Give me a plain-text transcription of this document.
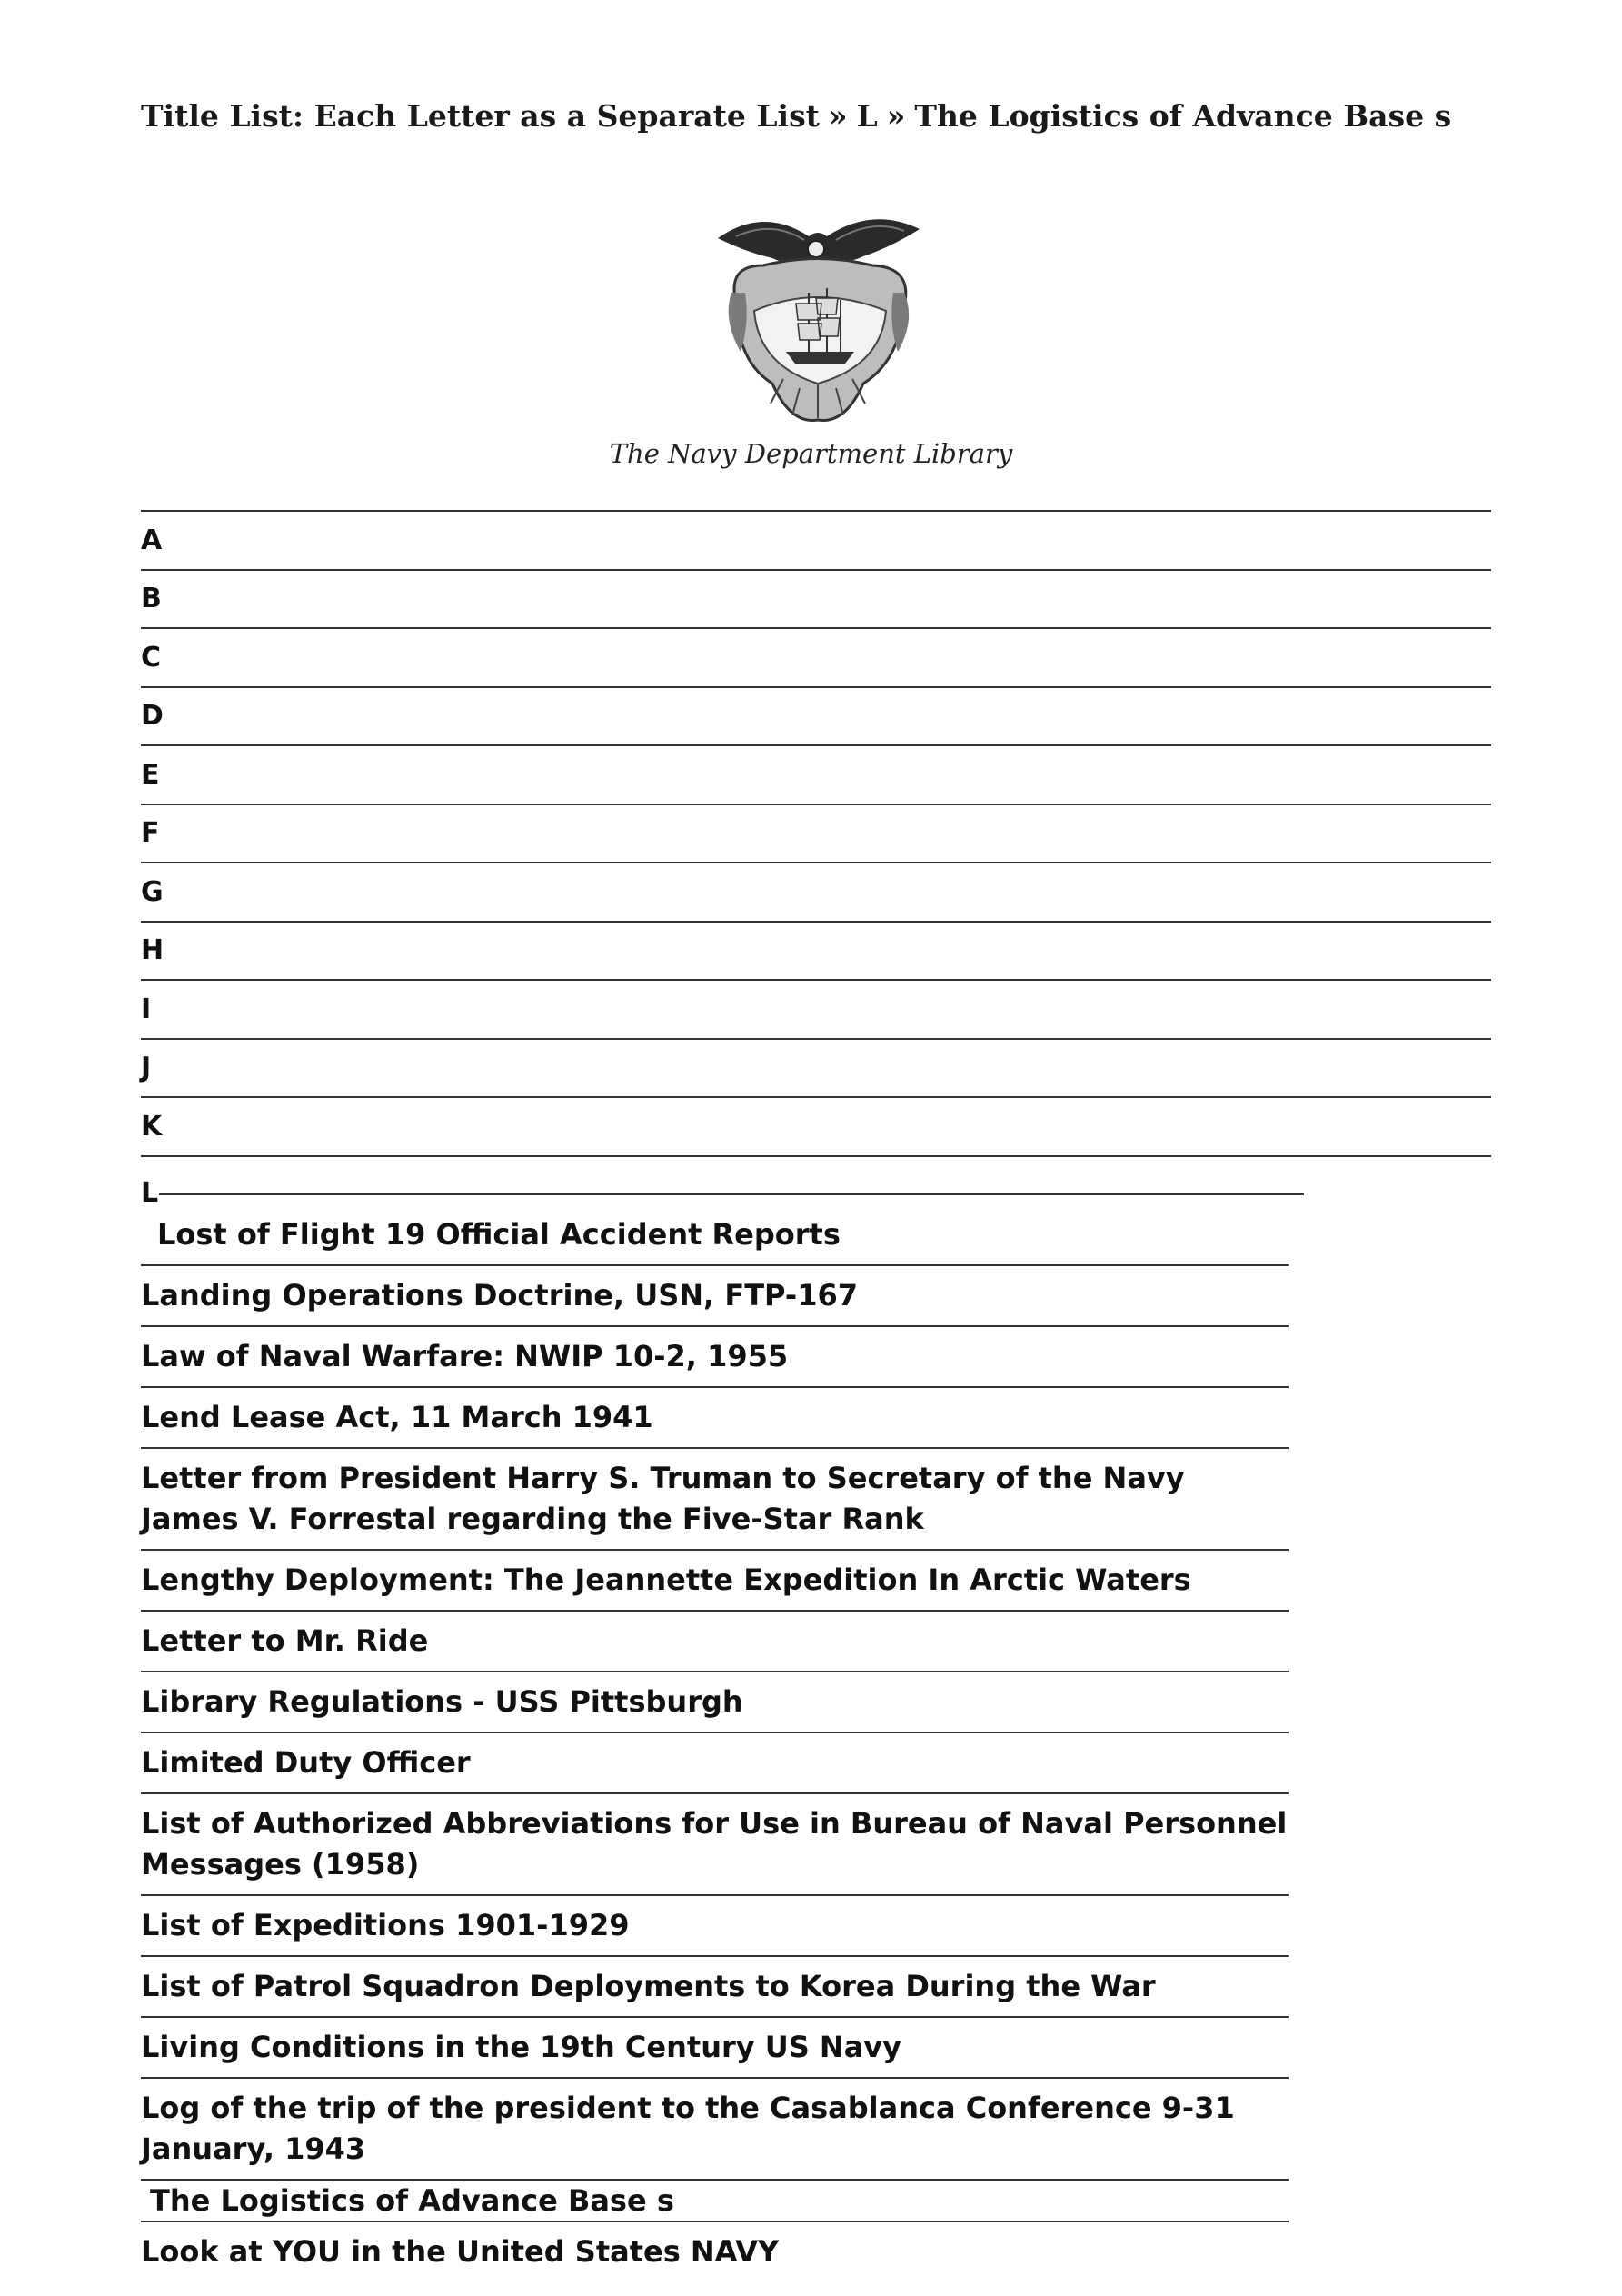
Title List: Each Letter as a Separate List » L » The Logistics of Advance Base s
The Navy Department Library
A
B
C
D
E
F
G
H
I
J
K
L
Lost of Flight 19 Official Accident Reports
Landing Operations Doctrine, USN, FTP-167
Law of Naval Warfare: NWIP 10-2, 1955
Lend Lease Act, 11 March 1941
Letter from President Harry S. Truman to Secretary of the Navy James V. Forrestal regarding the Five-Star Rank
Lengthy Deployment: The Jeannette Expedition In Arctic Waters
Letter to Mr. Ride
Library Regulations - USS Pittsburgh
Limited Duty Officer
List of Authorized Abbreviations for Use in Bureau of Naval Personnel Messages (1958)
List of Expeditions 1901-1929
List of Patrol Squadron Deployments to Korea During the War
Living Conditions in the 19th Century US Navy
Log of the trip of the president to the Casablanca Conference 9-31 January, 1943
The Logistics of Advance Base s
Look at YOU in the United States NAVY
